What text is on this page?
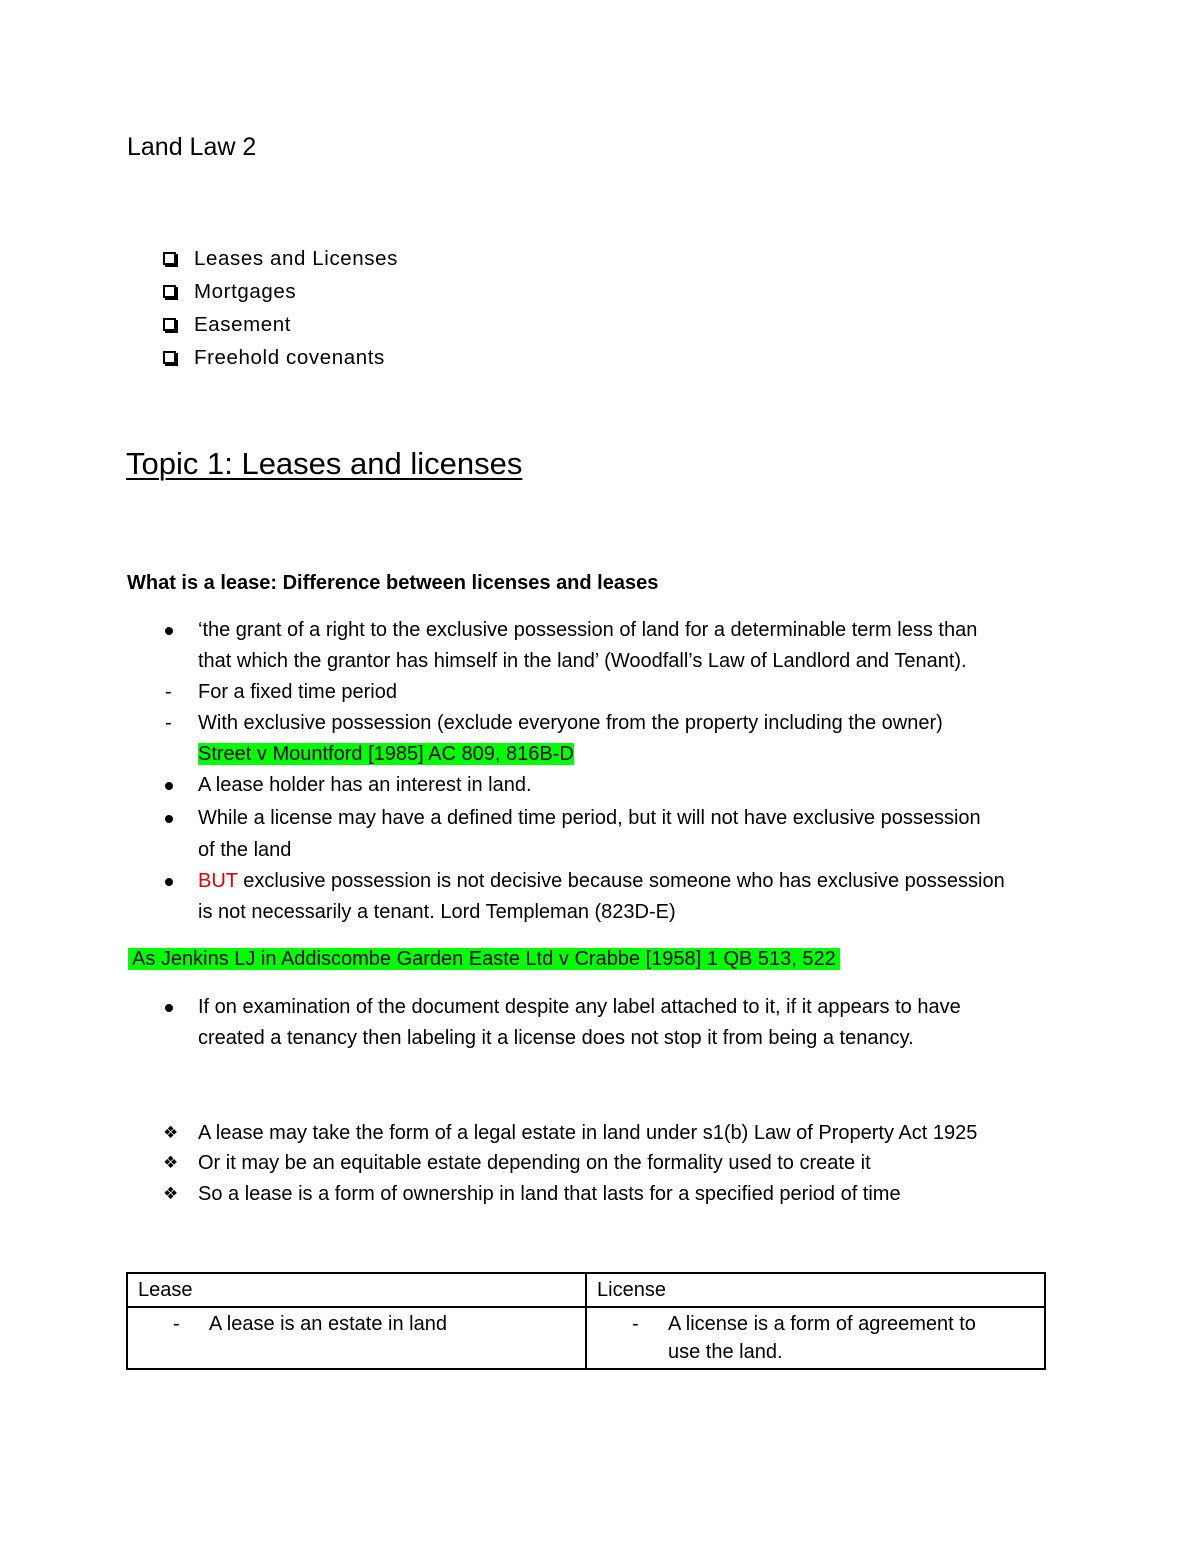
Land Law 2
Leases and Licenses
Mortgages
Easement
Freehold covenants
Topic 1: Leases and licenses
What is a lease: Difference between licenses and leases
‘the grant of a right to the exclusive possession of land for a determinable term less than
that which the grantor has himself in the land’ (Woodfall’s Law of Landlord and Tenant).
- For a fixed time period
- With exclusive possession (exclude everyone from the property including the owner)
Street v Mountford [1985] AC 809, 816B-D
A lease holder has an interest in land.
While a license may have a defined time period, but it will not have exclusive possession
of the land
BUT exclusive possession is not decisive because someone who has exclusive possession
is not necessarily a tenant. Lord Templeman (823D-E)
As Jenkins LJ in Addiscombe Garden Easte Ltd v Crabbe [1958] 1 QB 513, 522
If on examination of the document despite any label attached to it, if it appears to have
created a tenancy then labeling it a license does not stop it from being a tenancy.
❖ A lease may take the form of a legal estate in land under s1(b) Law of Property Act 1925
❖ Or it may be an equitable estate depending on the formality used to create it
❖ So a lease is a form of ownership in land that lasts for a specified period of time
Lease	License

- A lease is an estate in land	- A license is a form of agreement to
use the land.
